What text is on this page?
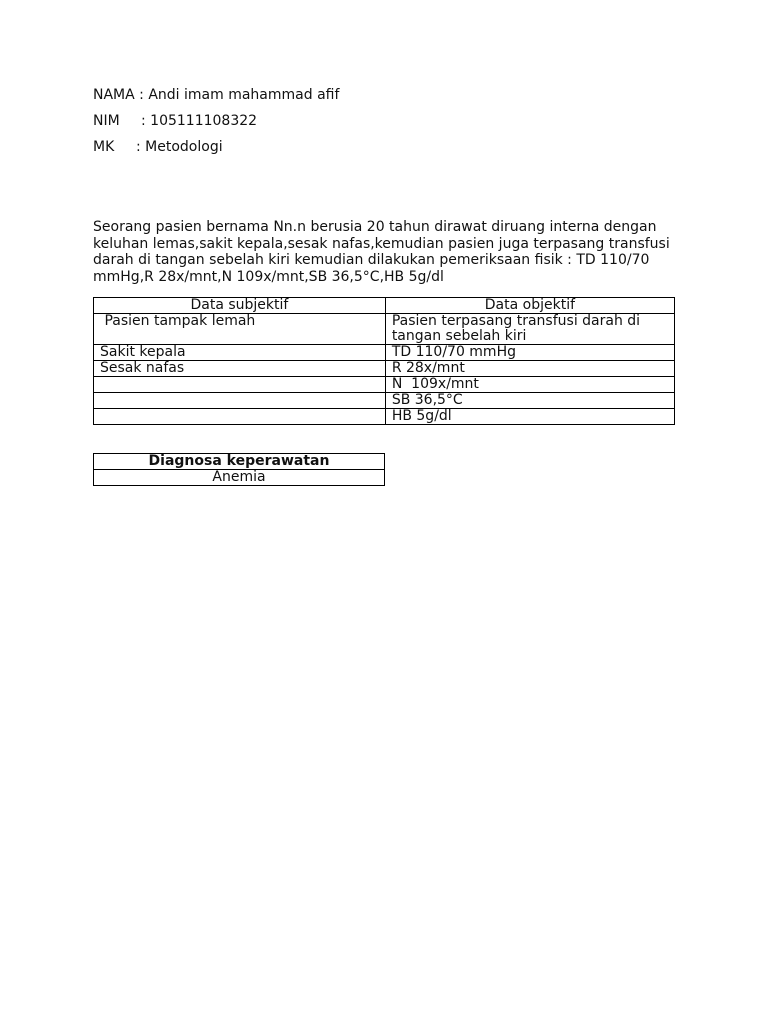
NAMA : Andi imam mahammad afif
NIM : 105111108322
MK : Metodologi
Seorang pasien bernama Nn.n berusia 20 tahun dirawat diruang interna dengan keluhan lemas,sakit kepala,sesak nafas,kemudian pasien juga terpasang transfusi darah di tangan sebelah kiri kemudian dilakukan pemeriksaan fisik : TD 110/70 mmHg,R 28x/mnt,N 109x/mnt,SB 36,5°C,HB 5g/dl
Data subjektif	Data objektif
Pasien tampak lemah	Pasien terpasang transfusi darah di tangan sebelah kiri
Sakit kepala	TD 110/70 mmHg
Sesak nafas	R 28x/mnt
	N  109x/mnt
	SB 36,5°C
	HB 5g/dl
Diagnosa keperawatan
Anemia
